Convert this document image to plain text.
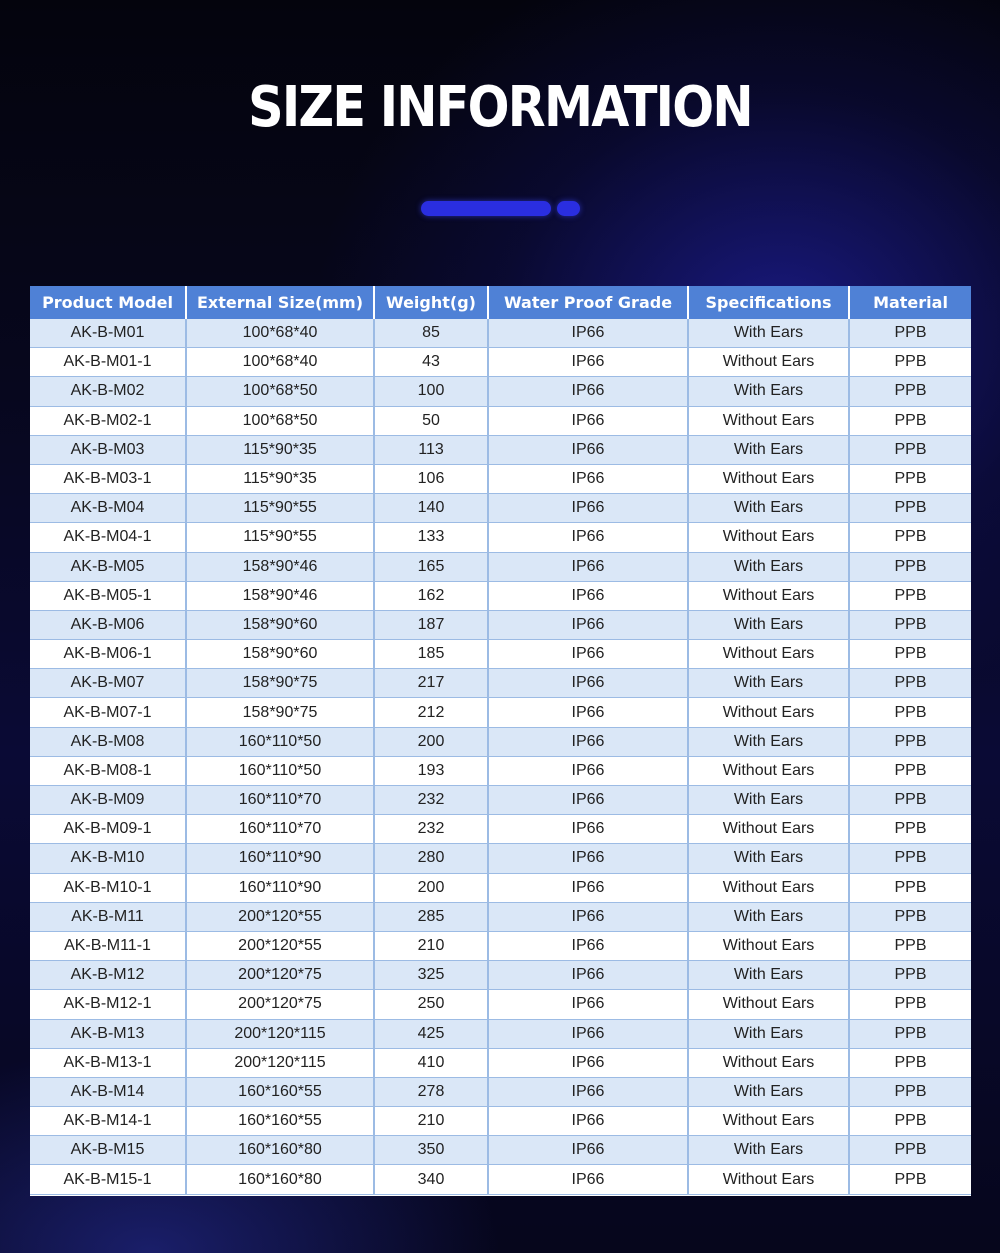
SIZE INFORMATION
Product Model	External Size(mm)	Weight(g)	Water Proof Grade	Specifications	Material
AK-B-M01	100*68*40	85	IP66	With Ears	PPB
AK-B-M01-1	100*68*40	43	IP66	Without Ears	PPB
AK-B-M02	100*68*50	100	IP66	With Ears	PPB
AK-B-M02-1	100*68*50	50	IP66	Without Ears	PPB
AK-B-M03	115*90*35	113	IP66	With Ears	PPB
AK-B-M03-1	115*90*35	106	IP66	Without Ears	PPB
AK-B-M04	115*90*55	140	IP66	With Ears	PPB
AK-B-M04-1	115*90*55	133	IP66	Without Ears	PPB
AK-B-M05	158*90*46	165	IP66	With Ears	PPB
AK-B-M05-1	158*90*46	162	IP66	Without Ears	PPB
AK-B-M06	158*90*60	187	IP66	With Ears	PPB
AK-B-M06-1	158*90*60	185	IP66	Without Ears	PPB
AK-B-M07	158*90*75	217	IP66	With Ears	PPB
AK-B-M07-1	158*90*75	212	IP66	Without Ears	PPB
AK-B-M08	160*110*50	200	IP66	With Ears	PPB
AK-B-M08-1	160*110*50	193	IP66	Without Ears	PPB
AK-B-M09	160*110*70	232	IP66	With Ears	PPB
AK-B-M09-1	160*110*70	232	IP66	Without Ears	PPB
AK-B-M10	160*110*90	280	IP66	With Ears	PPB
AK-B-M10-1	160*110*90	200	IP66	Without Ears	PPB
AK-B-M11	200*120*55	285	IP66	With Ears	PPB
AK-B-M11-1	200*120*55	210	IP66	Without Ears	PPB
AK-B-M12	200*120*75	325	IP66	With Ears	PPB
AK-B-M12-1	200*120*75	250	IP66	Without Ears	PPB
AK-B-M13	200*120*115	425	IP66	With Ears	PPB
AK-B-M13-1	200*120*115	410	IP66	Without Ears	PPB
AK-B-M14	160*160*55	278	IP66	With Ears	PPB
AK-B-M14-1	160*160*55	210	IP66	Without Ears	PPB
AK-B-M15	160*160*80	350	IP66	With Ears	PPB
AK-B-M15-1	160*160*80	340	IP66	Without Ears	PPB
